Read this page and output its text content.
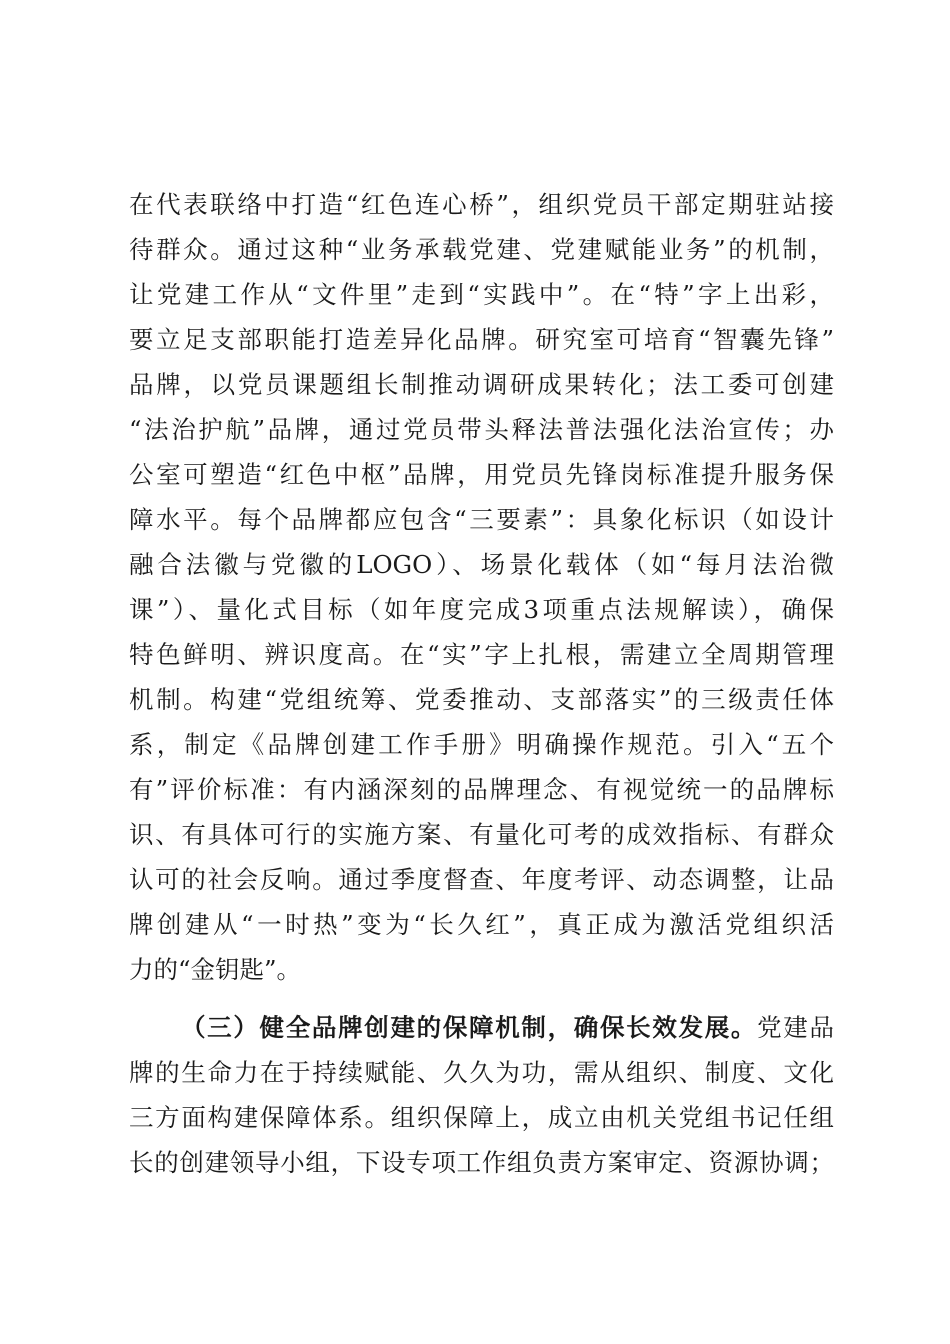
在代表联络中打造“红色连心桥”，组织党员干部定期驻站接
待群众。通过这种“业务承载党建、党建赋能业务”的机制，
让党建工作从“文件里”走到“实践中”。在“特”字上出彩，
要立足支部职能打造差异化品牌。研究室可培育“智囊先锋”
品牌，以党员课题组长制推动调研成果转化；法工委可创建
“法治护航”品牌，通过党员带头释法普法强化法治宣传；办
公室可塑造“红色中枢”品牌，用党员先锋岗标准提升服务保
障水平。每个品牌都应包含“三要素”：具象化标识（如设计
融合法徽与党徽的LOGO）、场景化载体（如“每月法治微
课”）、量化式目标（如年度完成3项重点法规解读），确保
特色鲜明、辨识度高。在“实”字上扎根，需建立全周期管理
机制。构建“党组统筹、党委推动、支部落实”的三级责任体
系，制定《品牌创建工作手册》明确操作规范。引入“五个
有”评价标准：有内涵深刻的品牌理念、有视觉统一的品牌标
识、有具体可行的实施方案、有量化可考的成效指标、有群众
认可的社会反响。通过季度督查、年度考评、动态调整，让品
牌创建从“一时热”变为“长久红”，真正成为激活党组织活
力的“金钥匙”。
（三）健全品牌创建的保障机制，确保长效发展。党建品
牌的生命力在于持续赋能、久久为功，需从组织、制度、文化
三方面构建保障体系。组织保障上，成立由机关党组书记任组
长的创建领导小组，下设专项工作组负责方案审定、资源协调；
